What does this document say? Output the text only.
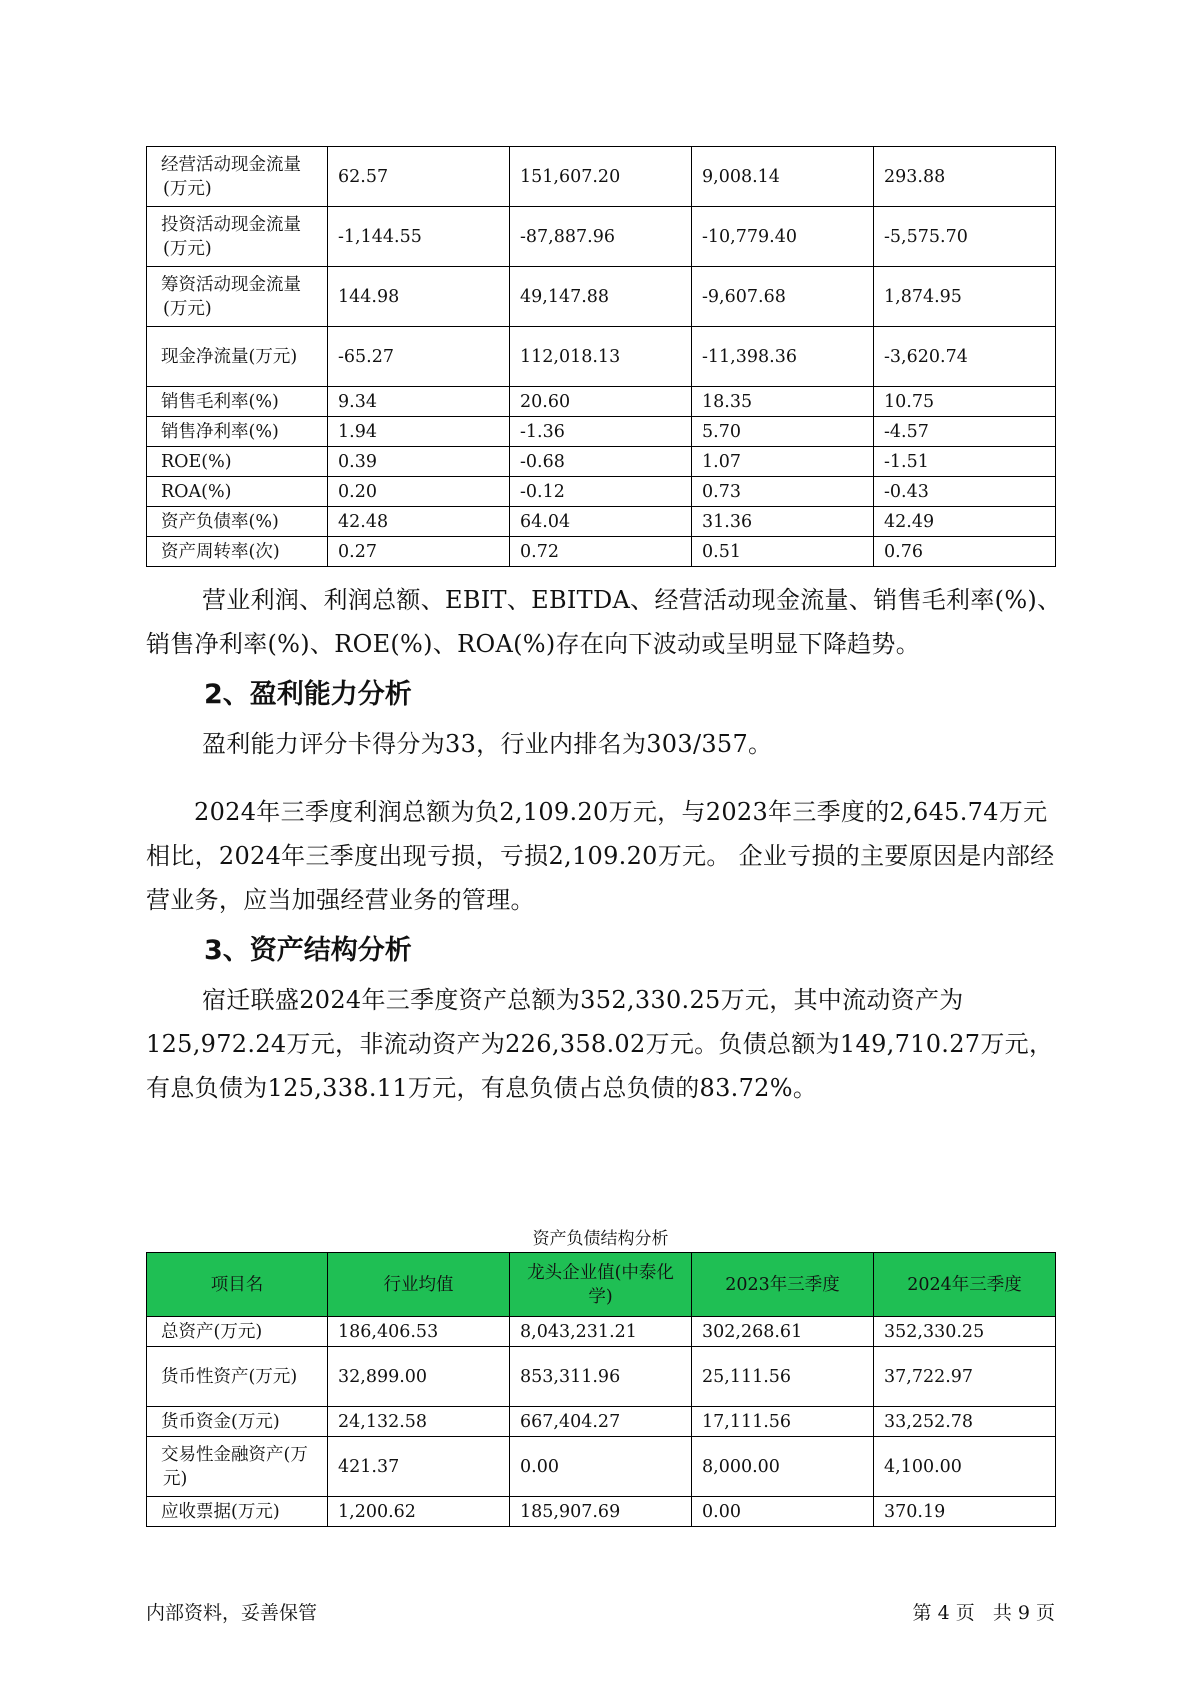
经营活动现金流量(万元)	62.57	151,607.20	9,008.14	293.88

投资活动现金流量(万元)	-1,144.55	-87,887.96	-10,779.40	-5,575.70

筹资活动现金流量(万元)	144.98	49,147.88	-9,607.68	1,874.95

现金净流量(万元)	-65.27	112,018.13	-11,398.36	-3,620.74

销售毛利率(%)	9.34	20.60	18.35	10.75

销售净利率(%)	1.94	-1.36	5.70	-4.57

ROE(%)	0.39	-0.68	1.07	-1.51

ROA(%)	0.20	-0.12	0.73	-0.43

资产负债率(%)	42.48	64.04	31.36	42.49

资产周转率(次)	0.27	0.72	0.51	0.76

营业利润、利润总额、EBIT、EBITDA、经营活动现金流量、销售毛利率(%)、销售净利率(%)、ROE(%)、ROA(%)存在向下波动或呈明显下降趋势。

2、盈利能力分析

盈利能力评分卡得分为33，行业内排名为303/357。

2024年三季度利润总额为负2,109.20万元，与2023年三季度的2,645.74万元相比，2024年三季度出现亏损，亏损2,109.20万元。 企业亏损的主要原因是内部经营业务，应当加强经营业务的管理。

3、资产结构分析

宿迁联盛2024年三季度资产总额为352,330.25万元，其中流动资产为125,972.24万元，非流动资产为226,358.02万元。负债总额为149,710.27万元，有息负债为125,338.11万元，有息负债占总负债的83.72%。

资产负债结构分析

项目名	行业均值	龙头企业值(中泰化学)	2023年三季度	2024年三季度

总资产(万元)	186,406.53	8,043,231.21	302,268.61	352,330.25

货币性资产(万元)	32,899.00	853,311.96	25,111.56	37,722.97

货币资金(万元)	24,132.58	667,404.27	17,111.56	33,252.78

交易性金融资产(万元)	421.37	0.00	8,000.00	4,100.00

应收票据(万元)	1,200.62	185,907.69	0.00	370.19

内部资料，妥善保管	第 4 页   共 9 页
